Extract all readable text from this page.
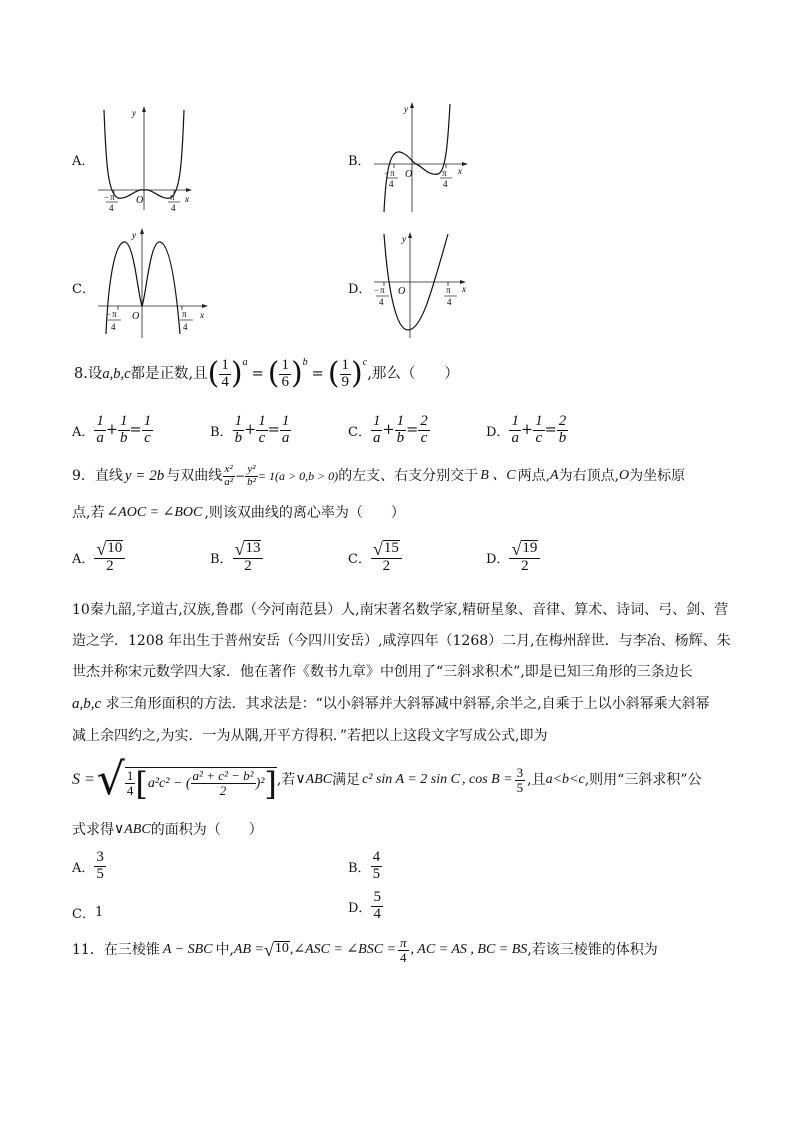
A．
y
x
O
− π
4
π
4
B．
y
x
O
− π
4
π
4
C．
y
x
O
− π
4
π
4
D．
y
x
O
− π
4
π
4
8.设 a,b,c 都是正数,且 ( 1
4 )$^a$
= ( 1
6 )$^b$
= ( 1
9 )$^c$
,那么（　　）
A．
1
$a + \frac{1}{b} = \frac{1}{c}$	B．
1
$b + \frac{1}{c} = \frac{1}{a}$	C．
1
$a + \frac{1}{b} = \frac{2}{c}$	D．
1
$a + \frac{1}{c} = \frac{2}{b}$
9．直线 y = 2b 与双曲线 x²
$a^2 - \frac{\text{y²}}{\text{b²}} = 1(a > 0,b > 0)$ 的左支、右支分别交于 B 、C 两点, A 为右顶点, O 为坐标原
点,若 ∠AOC = ∠BOC ,则该双曲线的离心率为（　　）
A．
√ 10
2	B．
√ 13
2	C．
√ 15
2	D．
√ 19
2
10秦九韶,字道古,汉族,鲁郡（今河南范县）人,南宋著名数学家,精研星象、音律、算术、诗词、弓、剑、营
造之学．1208 年出生于普州安岳（今四川安岳）,咸淳四年（1268）二月,在梅州辞世．与李冶、杨辉、朱
世杰并称宋元数学四大家．他在著作《数书九章》中创用了“三斜求积术”,即是已知三角形的三条边长
a,b,c 求三角形面积的方法．其求法是：“以小斜幂并大斜幂减中斜幂,余半之,自乘于上以小斜幂乘大斜幂
减上余四约之,为实．一为从隅,开平方得积．”若把以上这段文字写成公式,即为
S = √ 1
4 [ a²c² − ( a² + c² − b²
2 )² ] ,若 ∨ABC 满足 c² sin A = 2 sin C , $\cos B = \frac{3}{5}$ ,且 a<b<c ,则用“三斜求积”公
式求得 ∨ABC 的面积为（　　）
A．
3
5	B．
4
5
C． 1	D．
5
4
11．在三棱锥 A − SBC 中, AB = √ 10 ,∠ASC = ∠BSC = $\frac{\pi}{4}$ , AC = AS , BC = BS ,若该三棱锥的体积为
